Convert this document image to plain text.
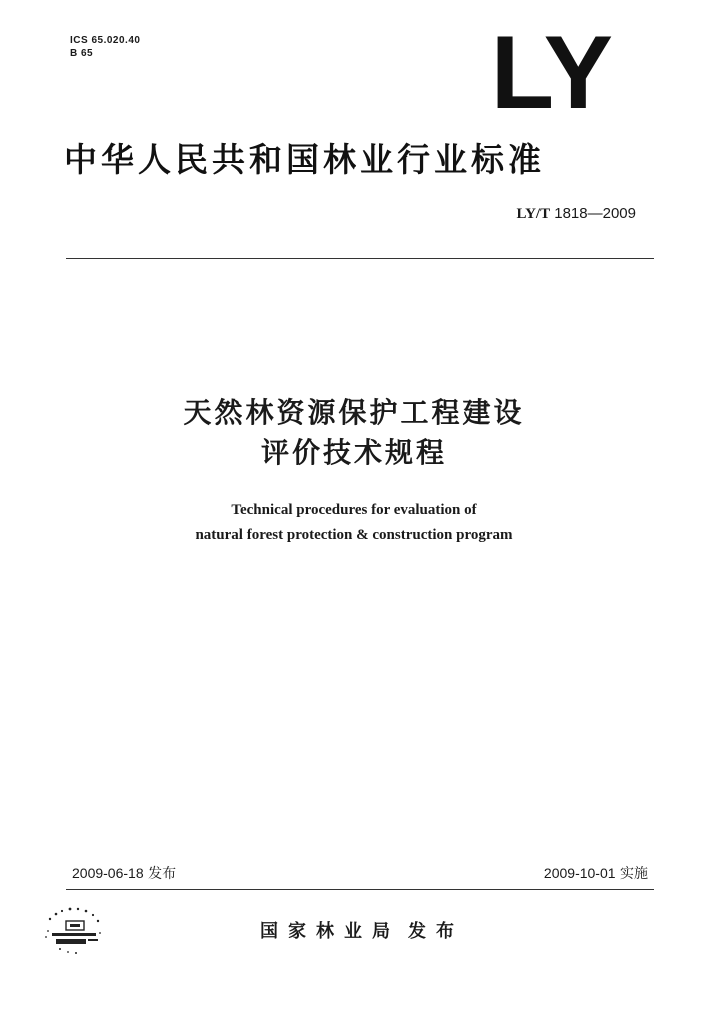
ICS 65.020.40
B 65	LY
中华人民共和国林业行业标准
LY/T 1818—2009
天然林资源保护工程建设
评价技术规程
Technical procedures for evaluation of
natural forest protection & construction program
2009-06-18 发布	2009-10-01 实施
国家林业局 发布
